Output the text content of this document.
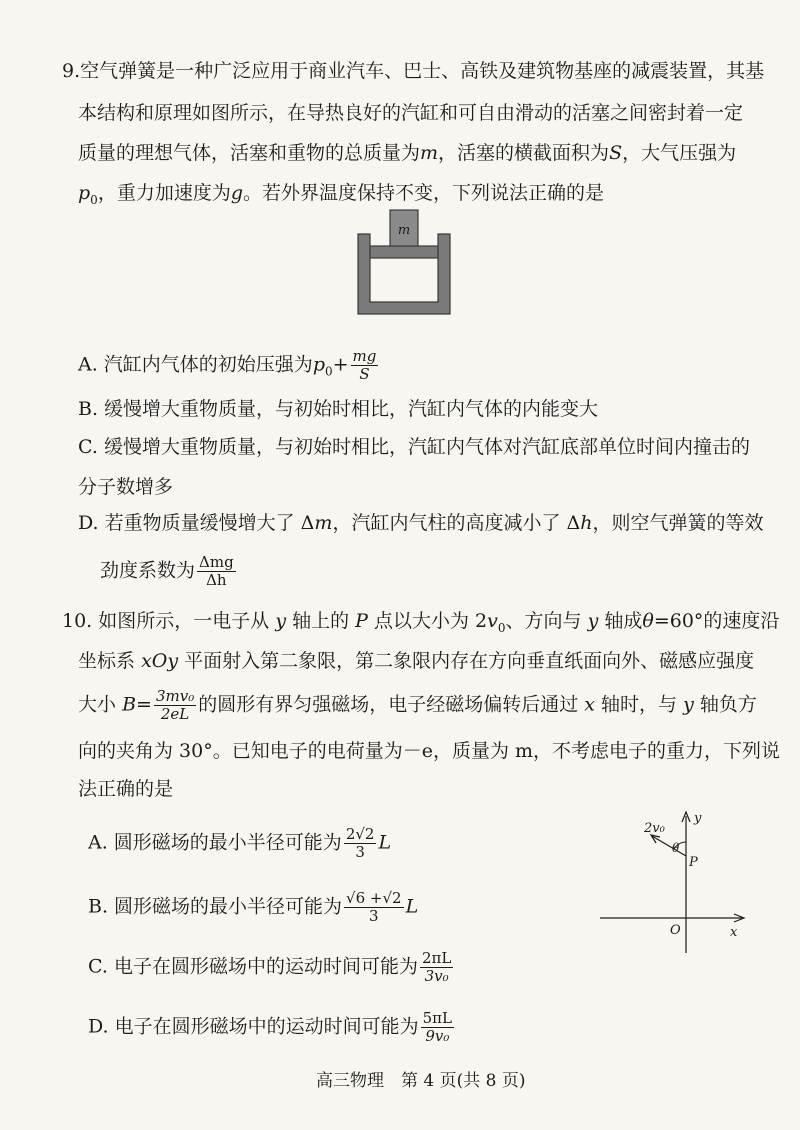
9.空气弹簧是一种广泛应用于商业汽车、巴士、高铁及建筑物基座的减震装置，其基
本结构和原理如图所示，在导热良好的汽缸和可自由滑动的活塞之间密封着一定
质量的理想气体，活塞和重物的总质量为m，活塞的横截面积为S，大气压强为
$p_0$，重力加速度为g。若外界温度保持不变，下列说法正确的是
m
A. 汽缸内气体的初始压强为$p_0+ \frac{mg}{S}$
B. 缓慢增大重物质量，与初始时相比，汽缸内气体的内能变大
C. 缓慢增大重物质量，与初始时相比，汽缸内气体对汽缸底部单位时间内撞击的
分子数增多
D. 若重物质量缓慢增大了 Δm，汽缸内气柱的高度减小了 Δh，则空气弹簧的等效
劲度系数为 $\frac{\text{Δmg}}{\Delta h}$
10. 如图所示，一电子从 y 轴上的 P 点以大小为 $2v_0$、方向与 y 轴成θ=60°的速度沿
坐标系 xOy 平面射入第二象限，第二象限内存在方向垂直纸面向外、磁感应强度
大小 $B= \frac{\text{3mv₀}}{2eL}$ 的圆形有界匀强磁场，电子经磁场偏转后通过 x 轴时，与 y 轴负方
向的夹角为 30°。已知电子的电荷量为－e，质量为 m，不考虑电子的重力，下列说
法正确的是
A. 圆形磁场的最小半径可能为 $\frac{2√2}{3}$ L
B. 圆形磁场的最小半径可能为 $\frac{√6 +√2}{3}$ L
C. 电子在圆形磁场中的运动时间可能为 $\frac{2\pi L}{\text{3v₀}}$
D. 电子在圆形磁场中的运动时间可能为 $\frac{5\pi L}{\text{9v₀}}$
y
x
O
P
2v₀
θ
高三物理　第 4 页(共 8 页)
